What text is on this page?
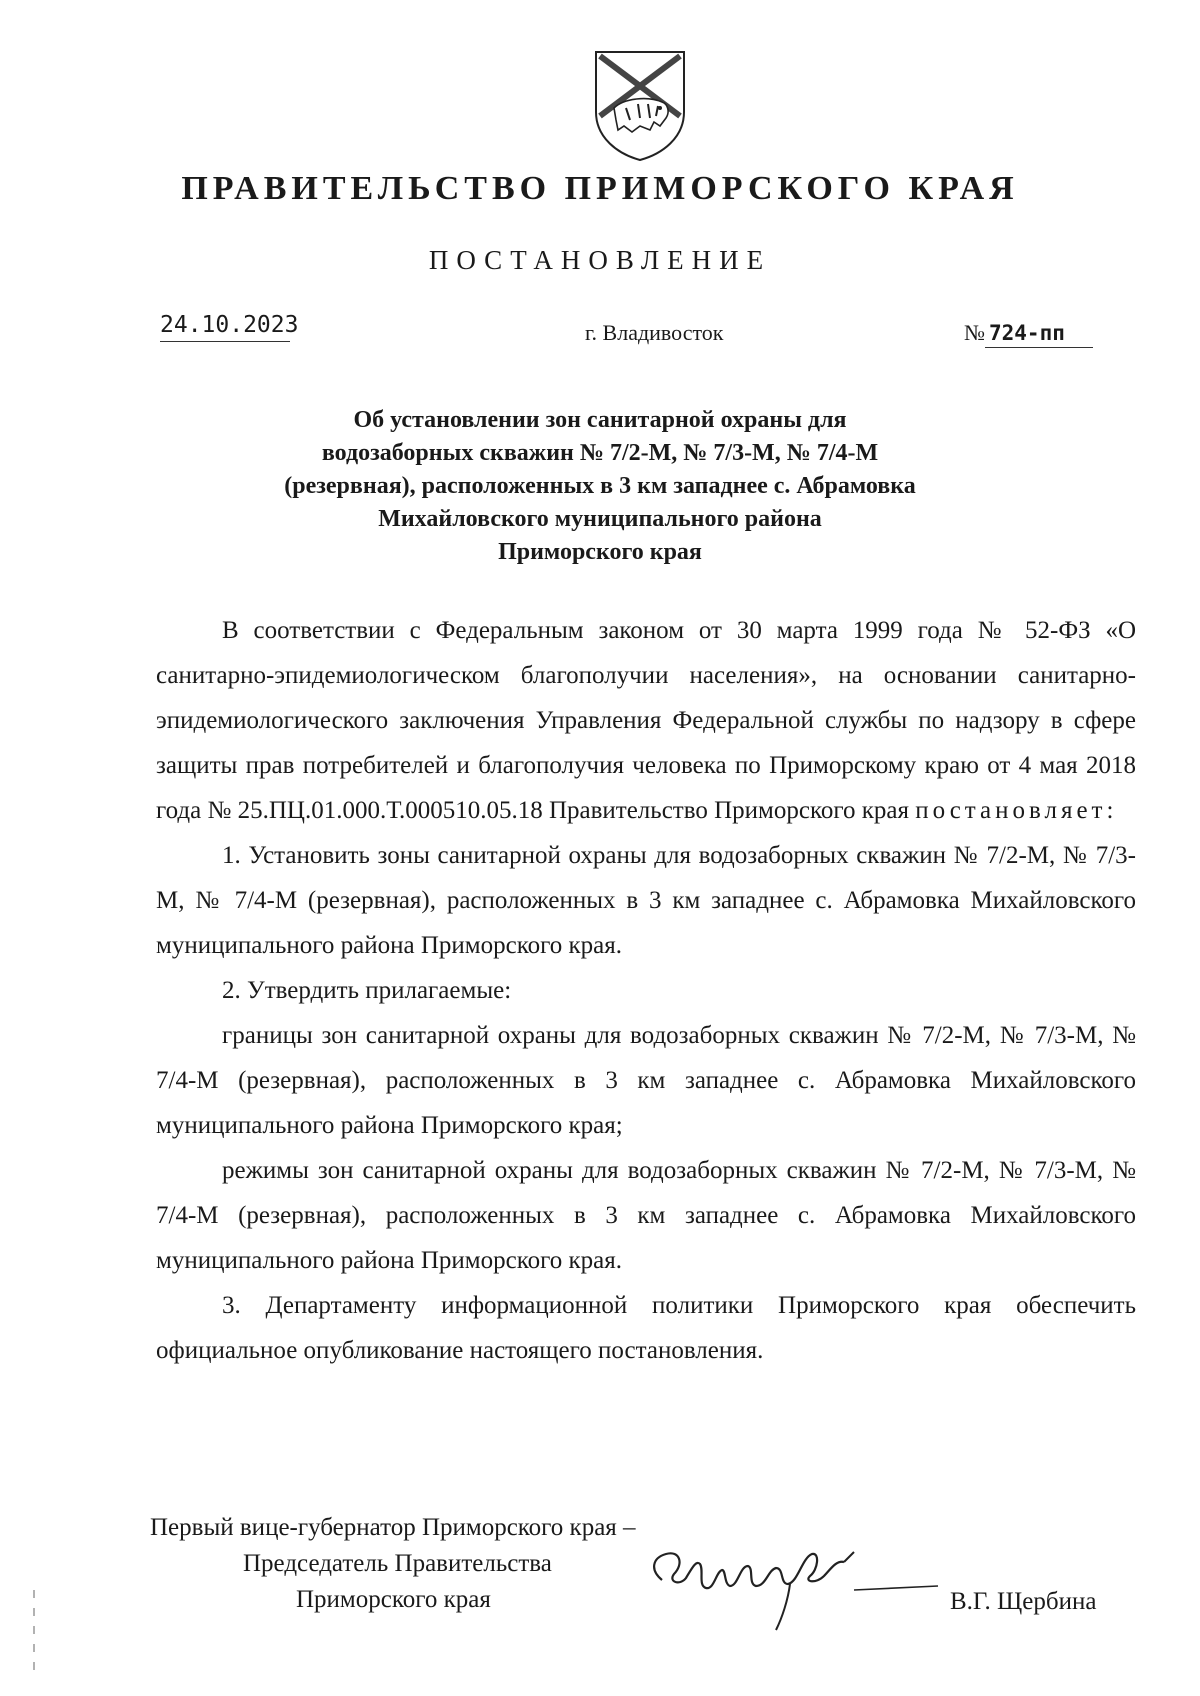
ПРАВИТЕЛЬСТВО ПРИМОРСКОГО КРАЯ
ПОСТАНОВЛЕНИЕ
24.10.2023	г. Владивосток	№ 724-пп
Об установлении зон санитарной охраны для
водозаборных скважин № 7/2-М, № 7/3-М, № 7/4-М
(резервная), расположенных в 3 км западнее с. Абрамовка
Михайловского муниципального района
Приморского края

В соответствии с Федеральным законом от 30 марта 1999 года № 52-ФЗ «О санитарно-эпидемиологическом благополучии населения», на основании санитарно-эпидемиологического заключения Управления Федеральной службы по надзору в сфере защиты прав потребителей и благополучия человека по Приморскому краю от 4 мая 2018 года № 25.ПЦ.01.000.Т.000510.05.18 Правительство Приморского края постановляет:

1. Установить зоны санитарной охраны для водозаборных скважин № 7/2-М, № 7/3-М, № 7/4-М (резервная), расположенных в 3 км западнее с. Абрамовка Михайловского муниципального района Приморского края.

2. Утвердить прилагаемые:

границы зон санитарной охраны для водозаборных скважин № 7/2-М, № 7/3-М, № 7/4-М (резервная), расположенных в 3 км западнее с. Абрамовка Михайловского муниципального района Приморского края;

режимы зон санитарной охраны для водозаборных скважин № 7/2-М, № 7/3-М, № 7/4-М (резервная), расположенных в 3 км западнее с. Абрамовка Михайловского муниципального района Приморского края.

3. Департаменту информационной политики Приморского края обеспечить официальное опубликование настоящего постановления.

Первый вице-губернатор Приморского края –
Председатель Правительства
Приморского края	В.Г. Щербина
